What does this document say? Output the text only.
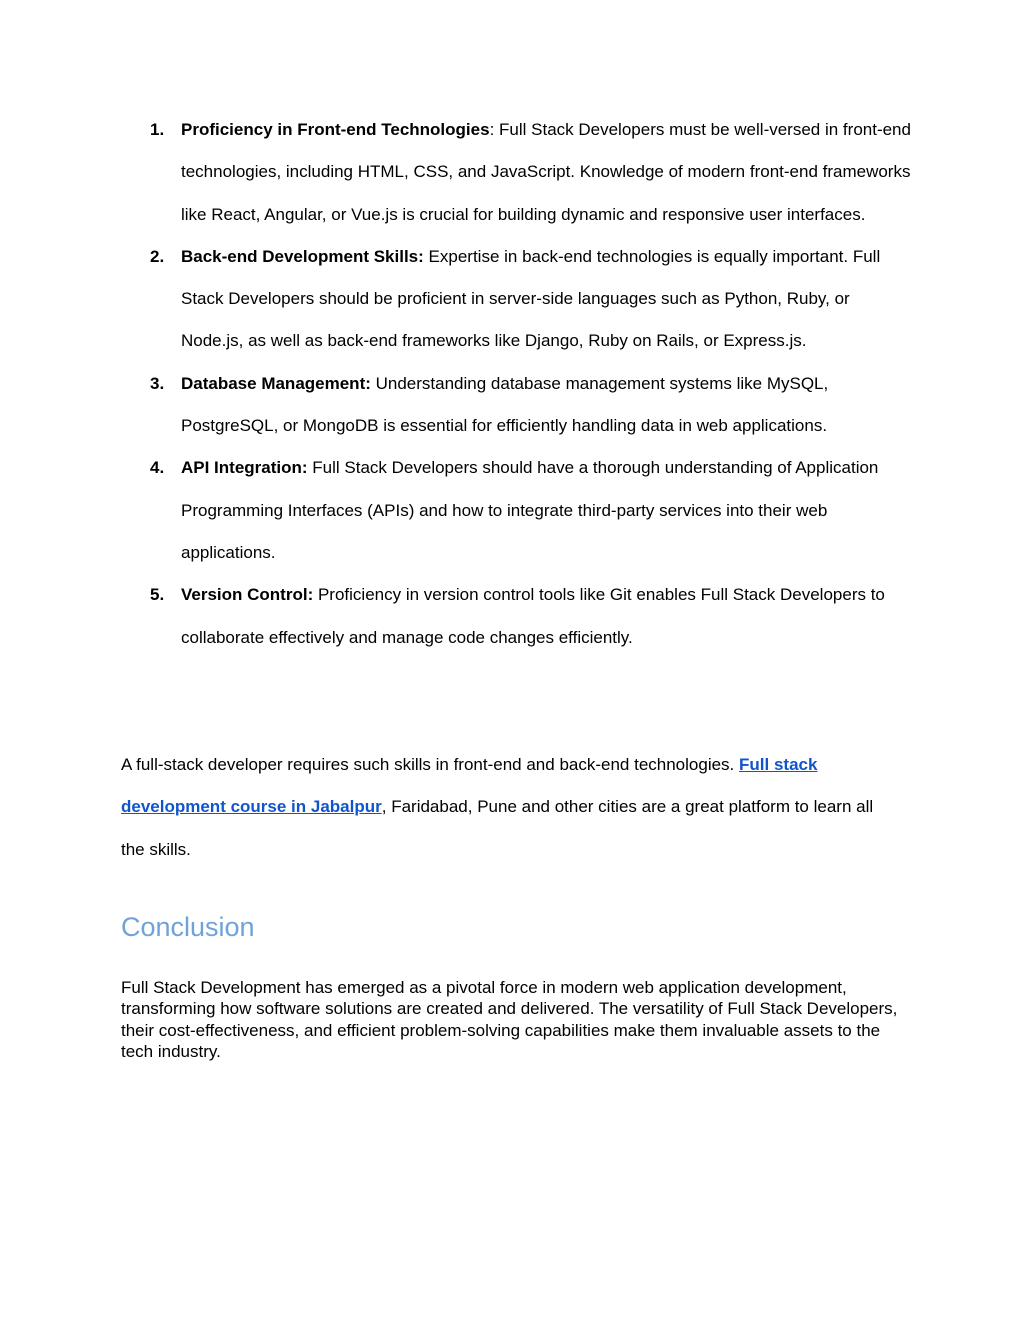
1. Proficiency in Front-end Technologies: Full Stack Developers must be well-versed in front-end technologies, including HTML, CSS, and JavaScript. Knowledge of modern front-end frameworks like React, Angular, or Vue.js is crucial for building dynamic and responsive user interfaces.
2. Back-end Development Skills: Expertise in back-end technologies is equally important. Full Stack Developers should be proficient in server-side languages such as Python, Ruby, or Node.js, as well as back-end frameworks like Django, Ruby on Rails, or Express.js.
3. Database Management: Understanding database management systems like MySQL, PostgreSQL, or MongoDB is essential for efficiently handling data in web applications.
4. API Integration: Full Stack Developers should have a thorough understanding of Application Programming Interfaces (APIs) and how to integrate third-party services into their web applications.
5. Version Control: Proficiency in version control tools like Git enables Full Stack Developers to collaborate effectively and manage code changes efficiently.

A full-stack developer requires such skills in front-end and back-end technologies. Full stack development course in Jabalpur, Faridabad, Pune and other cities are a great platform to learn all the skills.

Conclusion

Full Stack Development has emerged as a pivotal force in modern web application development, transforming how software solutions are created and delivered. The versatility of Full Stack Developers, their cost-effectiveness, and efficient problem-solving capabilities make them invaluable assets to the tech industry.
